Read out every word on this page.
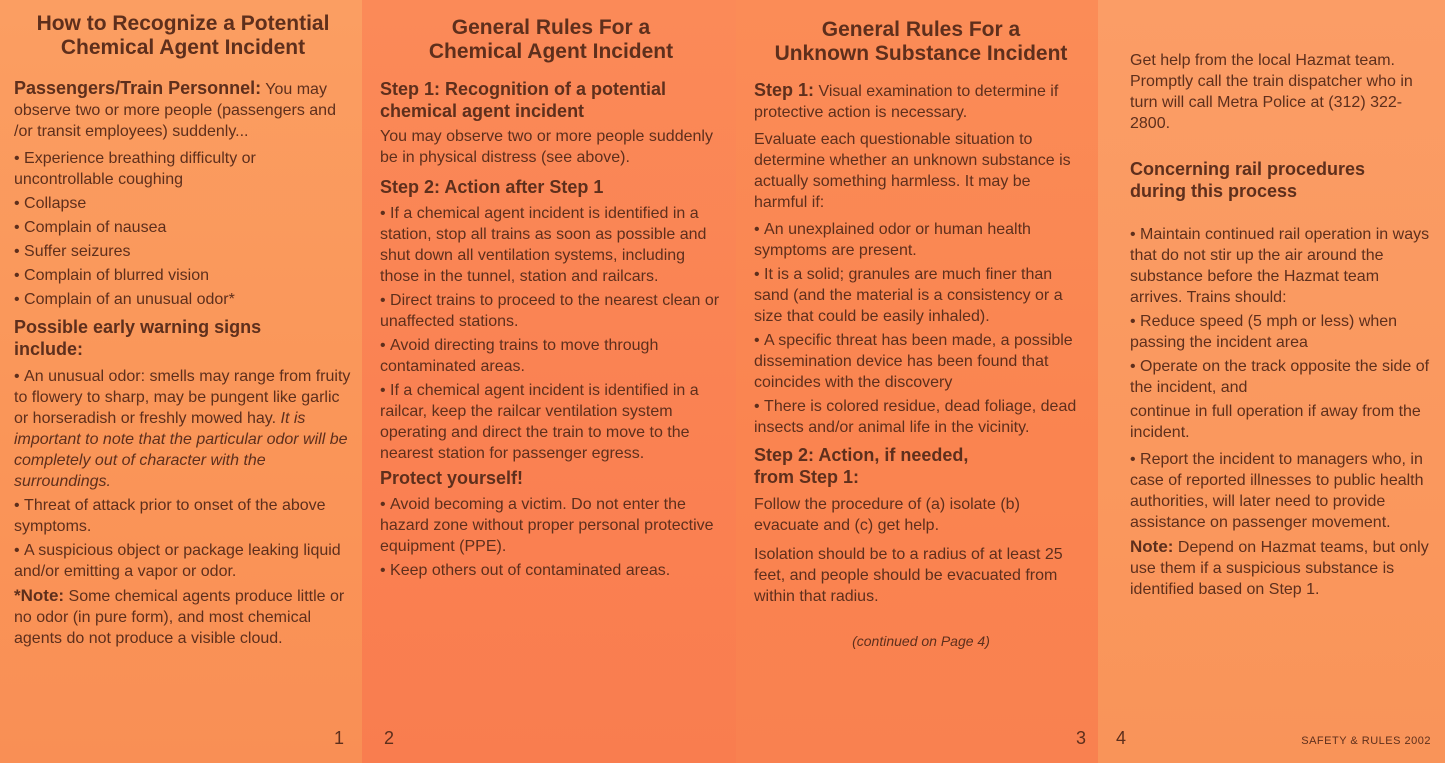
How to Recognize a Potential
Chemical Agent Incident

Passengers/Train Personnel: You may observe two or more people (passengers and /or transit employees) suddenly...

• Experience breathing difficulty or uncontrollable coughing
• Collapse
• Complain of nausea
• Suffer seizures
• Complain of blurred vision
• Complain of an unusual odor*
Possible early warning signs
include:
• An unusual odor: smells may range from fruity to flowery to sharp, may be pungent like garlic or horseradish or freshly mowed hay. It is important to note that the particular odor will be completely out of character with the surroundings.
• Threat of attack prior to onset of the above symptoms.
• A suspicious object or package leaking liquid and/or emitting a vapor or odor.

*Note: Some chemical agents produce little or no odor (in pure form), and most chemical agents do not produce a visible cloud.

1
General Rules For a
Chemical Agent Incident
Step 1: Recognition of a potential
chemical agent incident

You may observe two or more people suddenly be in physical distress (see above).

Step 2: Action after Step 1
• If a chemical agent incident is identified in a station, stop all trains as soon as possible and shut down all ventilation systems, including those in the tunnel, station and railcars.
• Direct trains to proceed to the nearest clean or unaffected stations.
• Avoid directing trains to move through contaminated areas.
• If a chemical agent incident is identified in a railcar, keep the railcar ventilation system operating and direct the train to move to the nearest station for passenger egress.
Protect yourself!
• Avoid becoming a victim. Do not enter the hazard zone without proper personal protective equipment (PPE).
• Keep others out of contaminated areas.
2
General Rules For a
Unknown Substance Incident

Step 1: Visual examination to determine if protective action is necessary.

Evaluate each questionable situation to determine whether an unknown substance is actually something harmless. It may be harmful if:

• An unexplained odor or human health symptoms are present.
• It is a solid; granules are much finer than sand (and the material is a consistency or a size that could be easily inhaled).
• A specific threat has been made, a possible dissemination device has been found that coincides with the discovery
• There is colored residue, dead foliage, dead insects and/or animal life in the vicinity.
Step 2: Action, if needed,
from Step 1:

Follow the procedure of (a) isolate (b) evacuate and (c) get help.

Isolation should be to a radius of at least 25 feet, and people should be evacuated from within that radius.

(continued on Page 4)
3

Get help from the local Hazmat team. Promptly call the train dispatcher who in turn will call Metra Police at (312) 322-2800.

Concerning rail procedures
during this process
• Maintain continued rail operation in ways that do not stir up the air around the substance before the Hazmat team arrives. Trains should:
• Reduce speed (5 mph or less) when passing the incident area
• Operate on the track opposite the side of the incident, and

continue in full operation if away from the incident.

• Report the incident to managers who, in case of reported illnesses to public health authorities, will later need to provide assistance on passenger movement.

Note: Depend on Hazmat teams, but only use them if a suspicious substance is identified based on Step 1.

4	SAFETY & RULES 2002
